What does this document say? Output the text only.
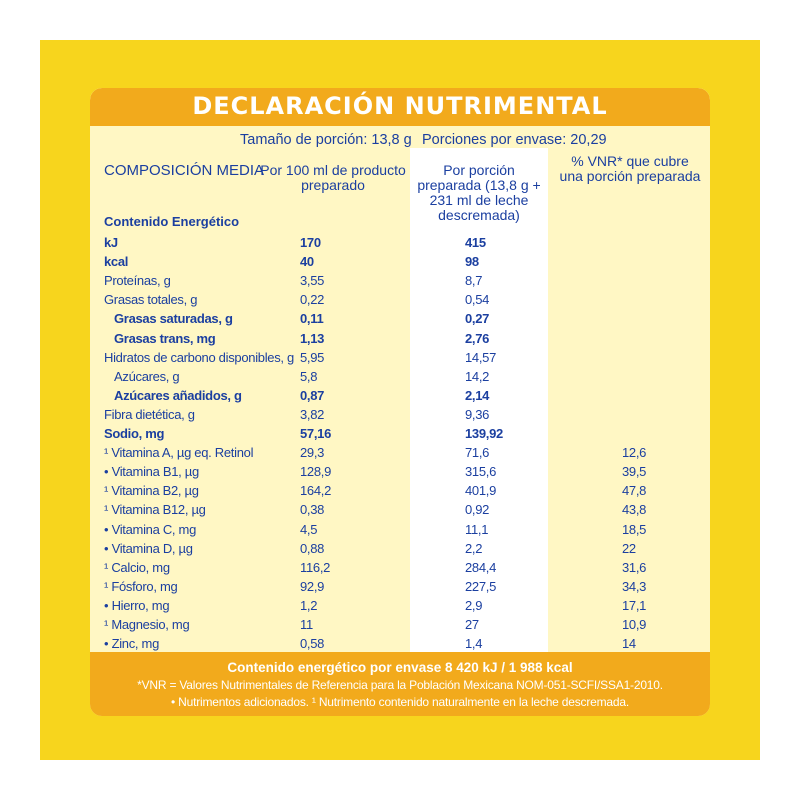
DECLARACIÓN NUTRIMENTAL
Tamaño de porción: 13,8 g Porciones por envase: 20,29
COMPOSICIÓN MEDIA
Por 100 ml de producto preparado
Por porción preparada (13,8 g + 231 ml de leche descremada)
% VNR* que cubre una porción preparada
Contenido Energético
kJ	170	415
kcal	40	98
Proteínas, g	3,55	8,7
Grasas totales, g	0,22	0,54
Grasas saturadas, g	0,11	0,27
Grasas trans, mg	1,13	2,76
Hidratos de carbono disponibles, g 5,95	14,57
Azúcares, g	5,8	14,2
Azúcares añadidos, g	0,87	2,14
Fibra dietética, g	3,82	9,36
Sodio, mg	57,16	139,92
¹ Vitamina A, µg eq. Retinol	29,3	71,6	12,6
• Vitamina B1, µg	128,9	315,6	39,5
¹ Vitamina B2, µg	164,2	401,9	47,8
¹ Vitamina B12, µg	0,38	0,92	43,8
• Vitamina C, mg	4,5	11,1	18,5
• Vitamina D, µg	0,88	2,2	22
¹ Calcio, mg	116,2	284,4	31,6
¹ Fósforo, mg	92,9	227,5	34,3
• Hierro, mg	1,2	2,9	17,1
¹ Magnesio, mg	11	27	10,9
• Zinc, mg	0,58	1,4	14
Contenido energético por envase 8 420 kJ / 1 988 kcal
*VNR = Valores Nutrimentales de Referencia para la Población Mexicana NOM-051-SCFI/SSA1-2010.
• Nutrimentos adicionados. ¹ Nutrimento contenido naturalmente en la leche descremada.
